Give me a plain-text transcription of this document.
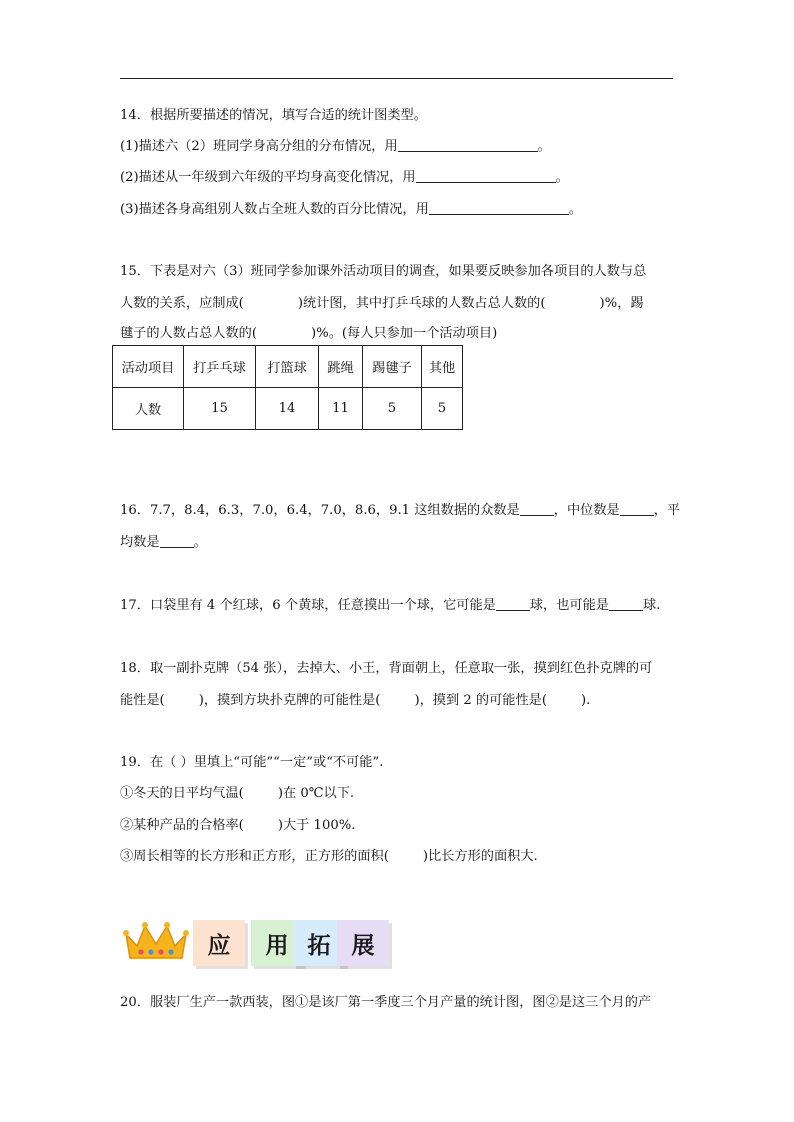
14．根据所要描述的情况，填写合适的统计图类型。
(1)描述六（2）班同学身高分组的分布情况，用	。
(2)描述从一年级到六年级的平均身高变化情况，用	。
(3)描述各身高组别人数占全班人数的百分比情况，用	。
15．下表是对六（3）班同学参加课外活动项目的调查，如果要反映参加各项目的人数与总
人数的关系，应制成(	)统计图，其中打乒乓球的人数占总人数的(	)%，踢
毽子的人数占总人数的(	)%。(每人只参加一个活动项目)
活动项目	打乒乓球	打篮球	跳绳	踢毽子	其他
人数	15	14	11	5	5
16．7.7，8.4，6.3，7.0，6.4，7.0，8.6，9.1 这组数据的众数是	，中位数是	，平
均数是	。
17．口袋里有 4 个红球，6 个黄球，任意摸出一个球，它可能是	球，也可能是	球.
18．取一副扑克牌（54 张），去掉大、小王，背面朝上，任意取一张，摸到红色扑克牌的可
能性是(	)，摸到方块扑克牌的可能性是(	)，摸到 2 的可能性是(	).
19．在（ ）里填上“可能”“一定”或“不可能”.
①冬天的日平均气温(	)在 0℃以下.
②某种产品的合格率(	)大于 100%.
③周长相等的长方形和正方形，正方形的面积(	)比长方形的面积大.
应 用 拓 展
20．服装厂生产一款西装，图①是该厂第一季度三个月产量的统计图，图②是这三个月的产
